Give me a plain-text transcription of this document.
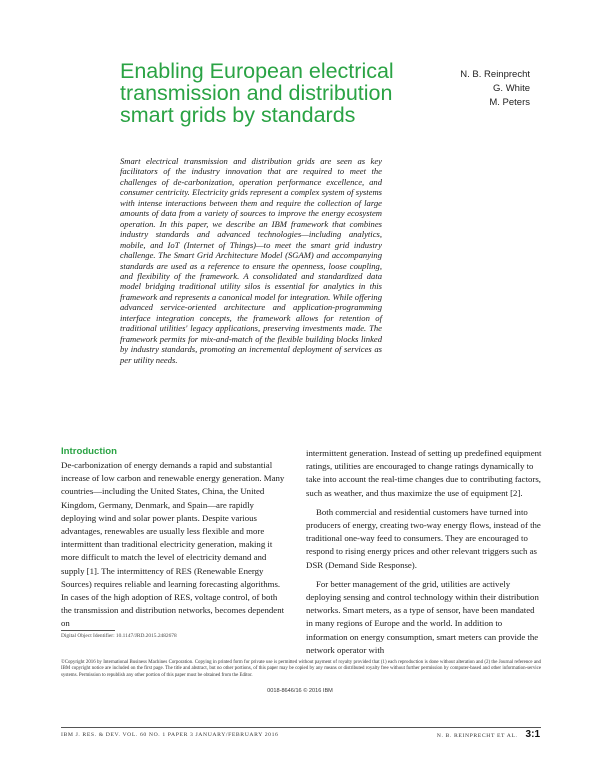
Enabling European electrical transmission and distribution smart grids by standards
N. B. Reinprecht
G. White
M. Peters
Smart electrical transmission and distribution grids are seen as key facilitators of the industry innovation that are required to meet the challenges of de-carbonization, operation performance excellence, and consumer centricity. Electricity grids represent a complex system of systems with intense interactions between them and require the collection of large amounts of data from a variety of sources to improve the energy ecosystem operation. In this paper, we describe an IBM framework that combines industry standards and advanced technologies—including analytics, mobile, and IoT (Internet of Things)—to meet the smart grid industry challenge. The Smart Grid Architecture Model (SGAM) and accompanying standards are used as a reference to ensure the openness, loose coupling, and flexibility of the framework. A consolidated and standardized data model bridging traditional utility silos is essential for analytics in this framework and represents a canonical model for integration. While offering advanced service-oriented architecture and application-programming interface integration concepts, the framework allows for retention of traditional utilities' legacy applications, preserving investments made. The framework permits for mix-and-match of the flexible building blocks linked by industry standards, promoting an incremental deployment of services as per utility needs.
Introduction

De-carbonization of energy demands a rapid and substantial increase of low carbon and renewable energy generation. Many countries—including the United States, China, the United Kingdom, Germany, Denmark, and Spain—are rapidly deploying wind and solar power plants. Despite various advantages, renewables are usually less flexible and more intermittent than traditional electricity generation, making it more difficult to match the level of electricity demand and supply [1]. The intermittency of RES (Renewable Energy Sources) requires reliable and learning forecasting algorithms. In cases of the high adoption of RES, voltage control, of both the transmission and distribution networks, becomes dependent on

intermittent generation. Instead of setting up predefined equipment ratings, utilities are encouraged to change ratings dynamically to take into account the real-time changes due to contributing factors, such as weather, and thus maximize the use of equipment [2].

Both commercial and residential customers have turned into producers of energy, creating two-way energy flows, instead of the traditional one-way feed to consumers. They are encouraged to respond to rising energy prices and other relevant triggers such as DSR (Demand Side Response).

For better management of the grid, utilities are actively deploying sensing and control technology within their distribution networks. Smart meters, as a type of sensor, have been mandated in many regions of Europe and the world. In addition to information on energy consumption, smart meters can provide the network operator with

Digital Object Identifier: 10.1147/JRD.2015.2482678
©Copyright 2016 by International Business Machines Corporation. Copying in printed form for private use is permitted without payment of royalty provided that (1) each reproduction is done without alteration and (2) the Journal reference and IBM copyright notice are included on the first page. The title and abstract, but no other portions, of this paper may be copied by any means or distributed royalty free without further permission by computer-based and other information-service systems. Permission to republish any other portion of this paper must be obtained from the Editor.
0018-8646/16 © 2016 IBM
IBM J. RES. & DEV. VOL. 60 NO. 1 PAPER 3 JANUARY/FEBRUARY 2016	N. B. REINPRECHT ET AL. 3:1
